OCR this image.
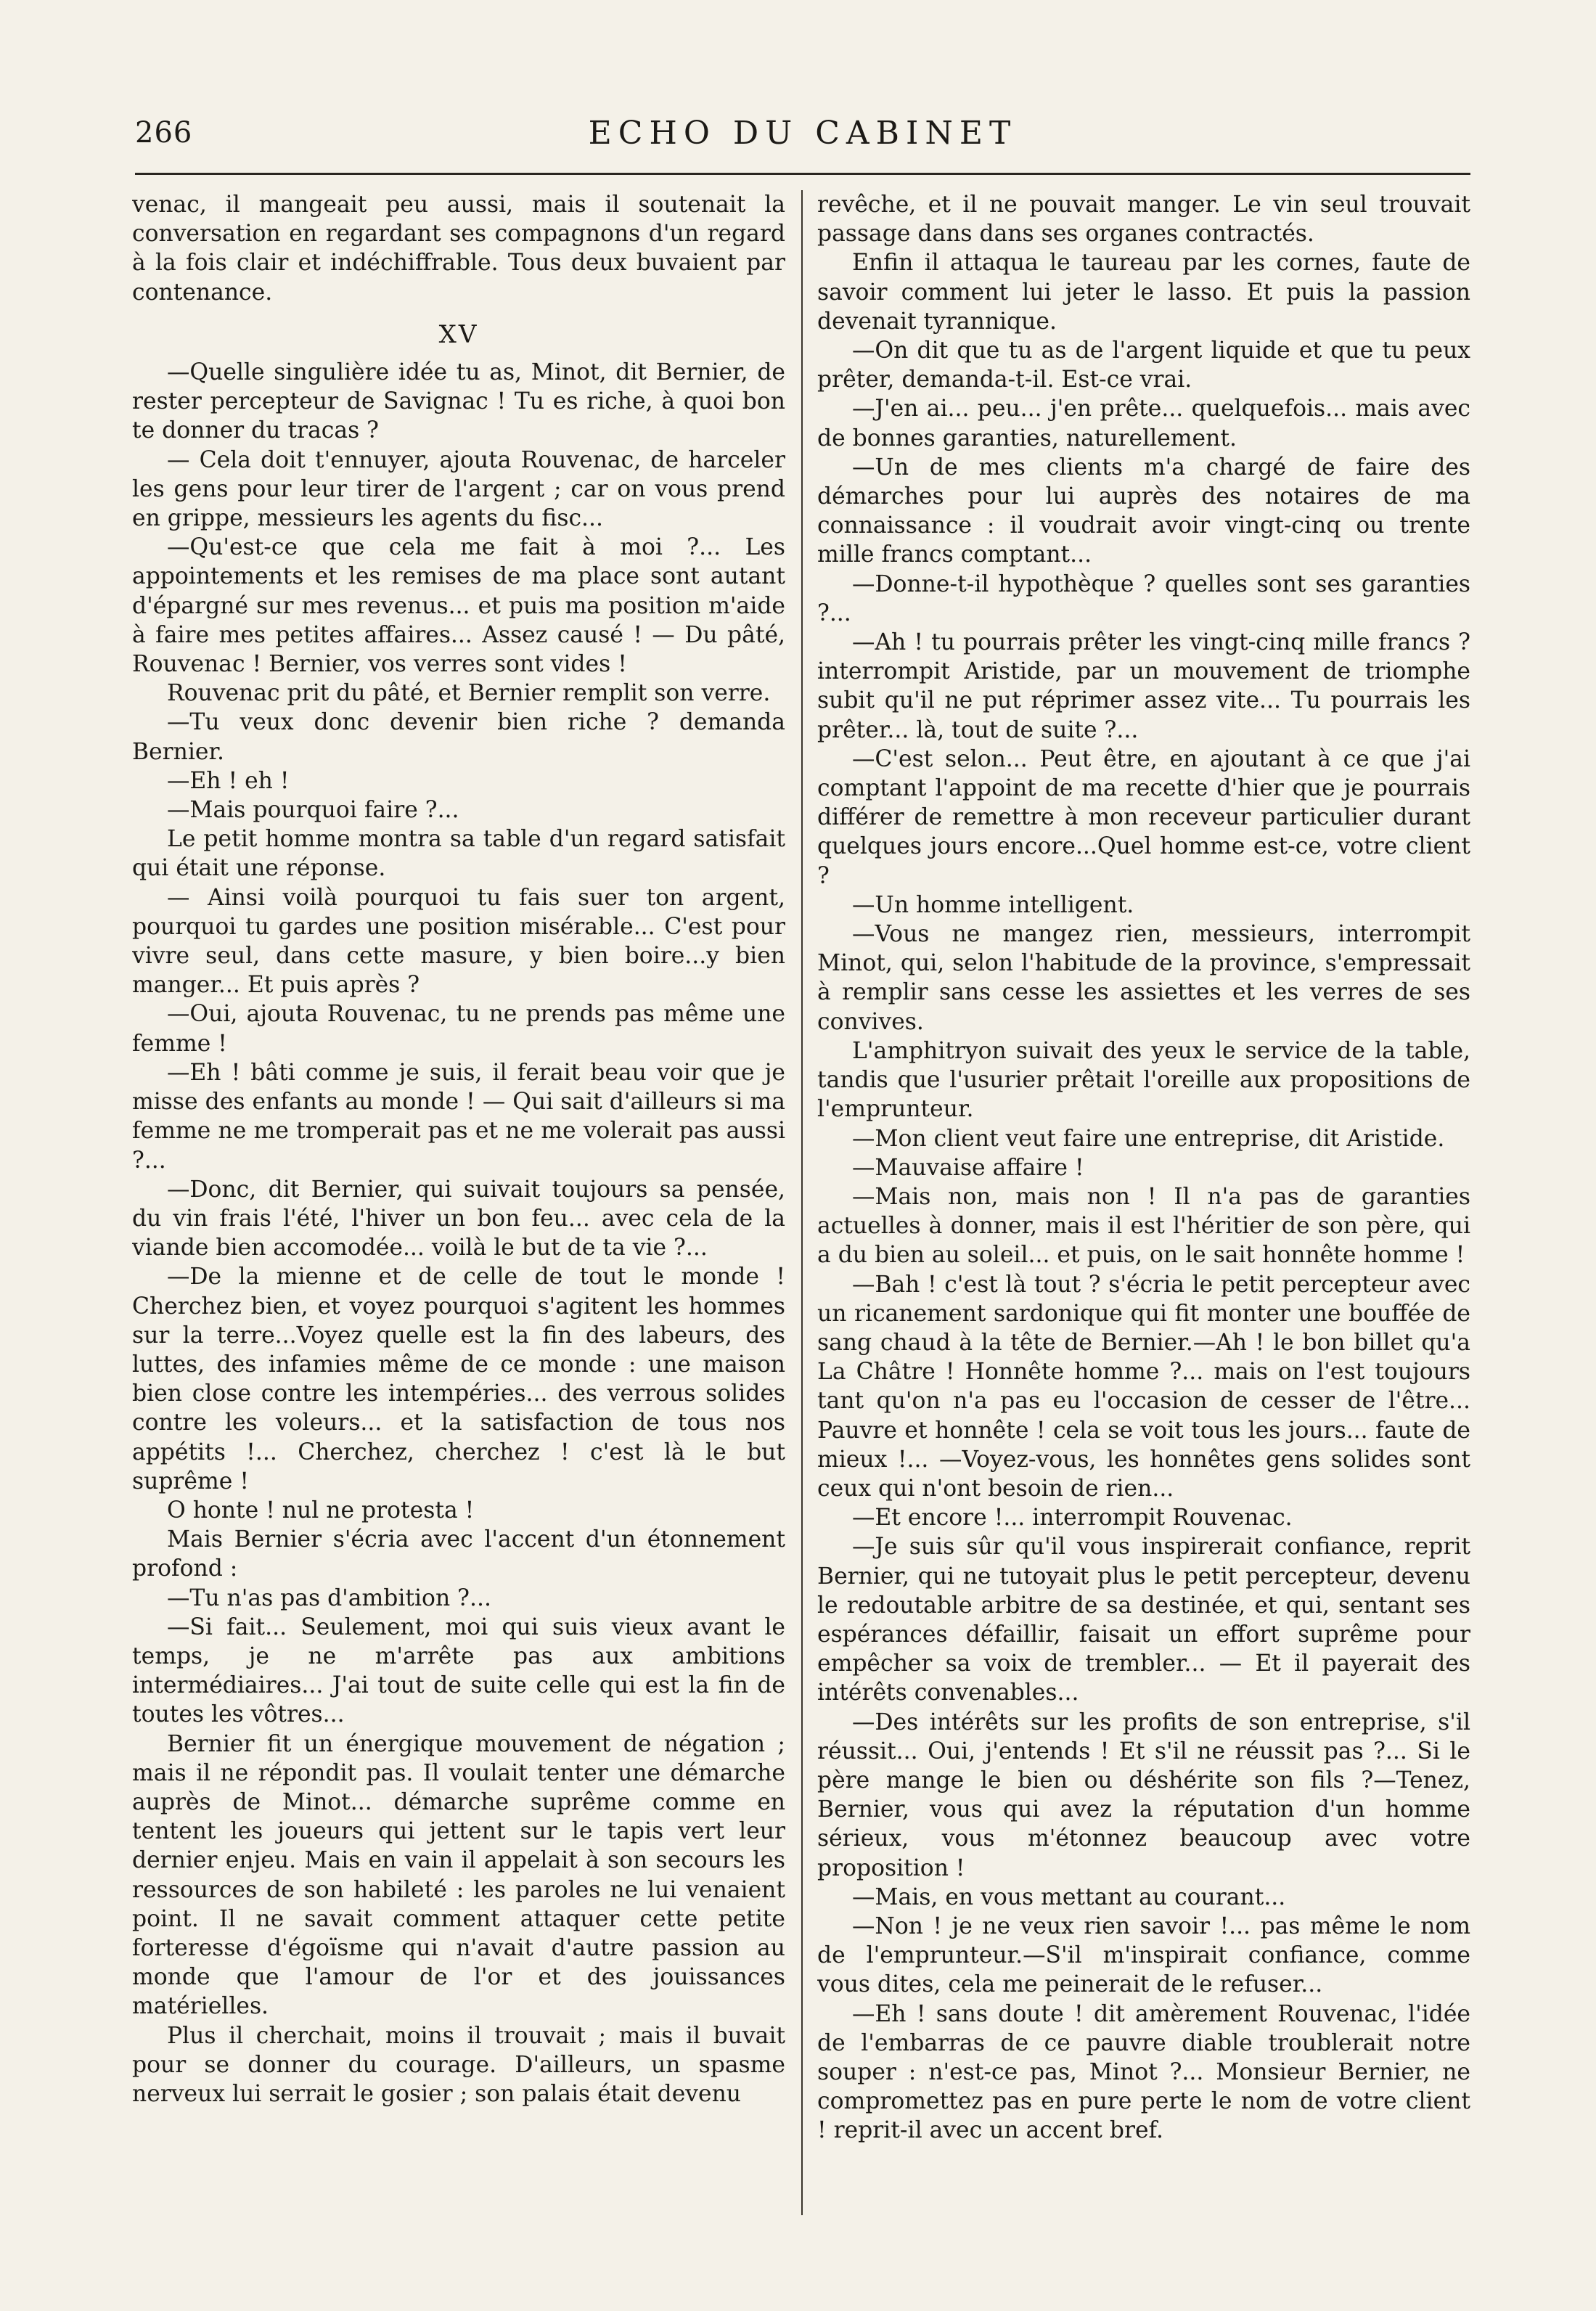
266	ECHO DU CABINET

venac, il mangeait peu aussi, mais il soutenait la conversation en regardant ses compagnons d'un regard à la fois clair et indéchiffrable. Tous deux buvaient par contenance.

XV

—Quelle singulière idée tu as, Minot, dit Bernier, de rester percepteur de Savignac ! Tu es riche, à quoi bon te donner du tracas ?

— Cela doit t'ennuyer, ajouta Rouvenac, de harceler les gens pour leur tirer de l'argent ; car on vous prend en grippe, messieurs les agents du fisc...

—Qu'est-ce que cela me fait à moi ?... Les appointements et les remises de ma place sont autant d'épargné sur mes revenus... et puis ma position m'aide à faire mes petites affaires... Assez causé ! — Du pâté, Rouvenac ! Bernier, vos verres sont vides !

Rouvenac prit du pâté, et Bernier remplit son verre.

—Tu veux donc devenir bien riche ? demanda Bernier.

—Eh ! eh !

—Mais pourquoi faire ?...

Le petit homme montra sa table d'un regard satisfait qui était une réponse.

— Ainsi voilà pourquoi tu fais suer ton argent, pourquoi tu gardes une position misérable... C'est pour vivre seul, dans cette masure, y bien boire...y bien manger... Et puis après ?

—Oui, ajouta Rouvenac, tu ne prends pas même une femme !

—Eh ! bâti comme je suis, il ferait beau voir que je misse des enfants au monde ! — Qui sait d'ailleurs si ma femme ne me tromperait pas et ne me volerait pas aussi ?...

—Donc, dit Bernier, qui suivait toujours sa pensée, du vin frais l'été, l'hiver un bon feu... avec cela de la viande bien accomodée... voilà le but de ta vie ?...

—De la mienne et de celle de tout le monde ! Cherchez bien, et voyez pourquoi s'agitent les hommes sur la terre...Voyez quelle est la fin des labeurs, des luttes, des infamies même de ce monde : une maison bien close contre les intempéries... des verrous solides contre les voleurs... et la satisfaction de tous nos appétits !... Cherchez, cherchez ! c'est là le but suprême !

O honte ! nul ne protesta !

Mais Bernier s'écria avec l'accent d'un étonnement profond :

—Tu n'as pas d'ambition ?...

—Si fait... Seulement, moi qui suis vieux avant le temps, je ne m'arrête pas aux ambitions intermédiaires... J'ai tout de suite celle qui est la fin de toutes les vôtres...

Bernier fit un énergique mouvement de négation ; mais il ne répondit pas. Il voulait tenter une démarche auprès de Minot... démarche suprême comme en tentent les joueurs qui jettent sur le tapis vert leur dernier enjeu. Mais en vain il appelait à son secours les ressources de son habileté : les paroles ne lui venaient point. Il ne savait comment attaquer cette petite forteresse d'égoïsme qui n'avait d'autre passion au monde que l'amour de l'or et des jouissances matérielles.

Plus il cherchait, moins il trouvait ; mais il buvait pour se donner du courage. D'ailleurs, un spasme nerveux lui serrait le gosier ; son palais était devenu

revêche, et il ne pouvait manger. Le vin seul trouvait passage dans dans ses organes contractés.

Enfin il attaqua le taureau par les cornes, faute de savoir comment lui jeter le lasso. Et puis la passion devenait tyrannique.

—On dit que tu as de l'argent liquide et que tu peux prêter, demanda-t-il. Est-ce vrai.

—J'en ai... peu... j'en prête... quelquefois... mais avec de bonnes garanties, naturellement.

—Un de mes clients m'a chargé de faire des démarches pour lui auprès des notaires de ma connaissance : il voudrait avoir vingt-cinq ou trente mille francs comptant...

—Donne-t-il hypothèque ? quelles sont ses garanties ?...

—Ah ! tu pourrais prêter les vingt-cinq mille francs ? interrompit Aristide, par un mouvement de triomphe subit qu'il ne put réprimer assez vite... Tu pourrais les prêter... là, tout de suite ?...

—C'est selon... Peut être, en ajoutant à ce que j'ai comptant l'appoint de ma recette d'hier que je pourrais différer de remettre à mon receveur particulier durant quelques jours encore...Quel homme est-ce, votre client ?

—Un homme intelligent.

—Vous ne mangez rien, messieurs, interrompit Minot, qui, selon l'habitude de la province, s'empressait à remplir sans cesse les assiettes et les verres de ses convives.

L'amphitryon suivait des yeux le service de la table, tandis que l'usurier prêtait l'oreille aux propositions de l'emprunteur.

—Mon client veut faire une entreprise, dit Aristide.

—Mauvaise affaire !

—Mais non, mais non ! Il n'a pas de garanties actuelles à donner, mais il est l'héritier de son père, qui a du bien au soleil... et puis, on le sait honnête homme !

—Bah ! c'est là tout ? s'écria le petit percepteur avec un ricanement sardonique qui fit monter une bouffée de sang chaud à la tête de Bernier.—Ah ! le bon billet qu'a La Châtre ! Honnête homme ?... mais on l'est toujours tant qu'on n'a pas eu l'occasion de cesser de l'être... Pauvre et honnête ! cela se voit tous les jours... faute de mieux !... —Voyez-vous, les honnêtes gens solides sont ceux qui n'ont besoin de rien...

—Et encore !... interrompit Rouvenac.

—Je suis sûr qu'il vous inspirerait confiance, reprit Bernier, qui ne tutoyait plus le petit percepteur, devenu le redoutable arbitre de sa destinée, et qui, sentant ses espérances défaillir, faisait un effort suprême pour empêcher sa voix de trembler... — Et il payerait des intérêts convenables...

—Des intérêts sur les profits de son entreprise, s'il réussit... Oui, j'entends ! Et s'il ne réussit pas ?... Si le père mange le bien ou déshérite son fils ?—Tenez, Bernier, vous qui avez la réputation d'un homme sérieux, vous m'étonnez beaucoup avec votre proposition !

—Mais, en vous mettant au courant...

—Non ! je ne veux rien savoir !... pas même le nom de l'emprunteur.—S'il m'inspirait confiance, comme vous dites, cela me peinerait de le refuser...

—Eh ! sans doute ! dit amèrement Rouvenac, l'idée de l'embarras de ce pauvre diable troublerait notre souper : n'est-ce pas, Minot ?... Monsieur Bernier, ne compromettez pas en pure perte le nom de votre client ! reprit-il avec un accent bref.
